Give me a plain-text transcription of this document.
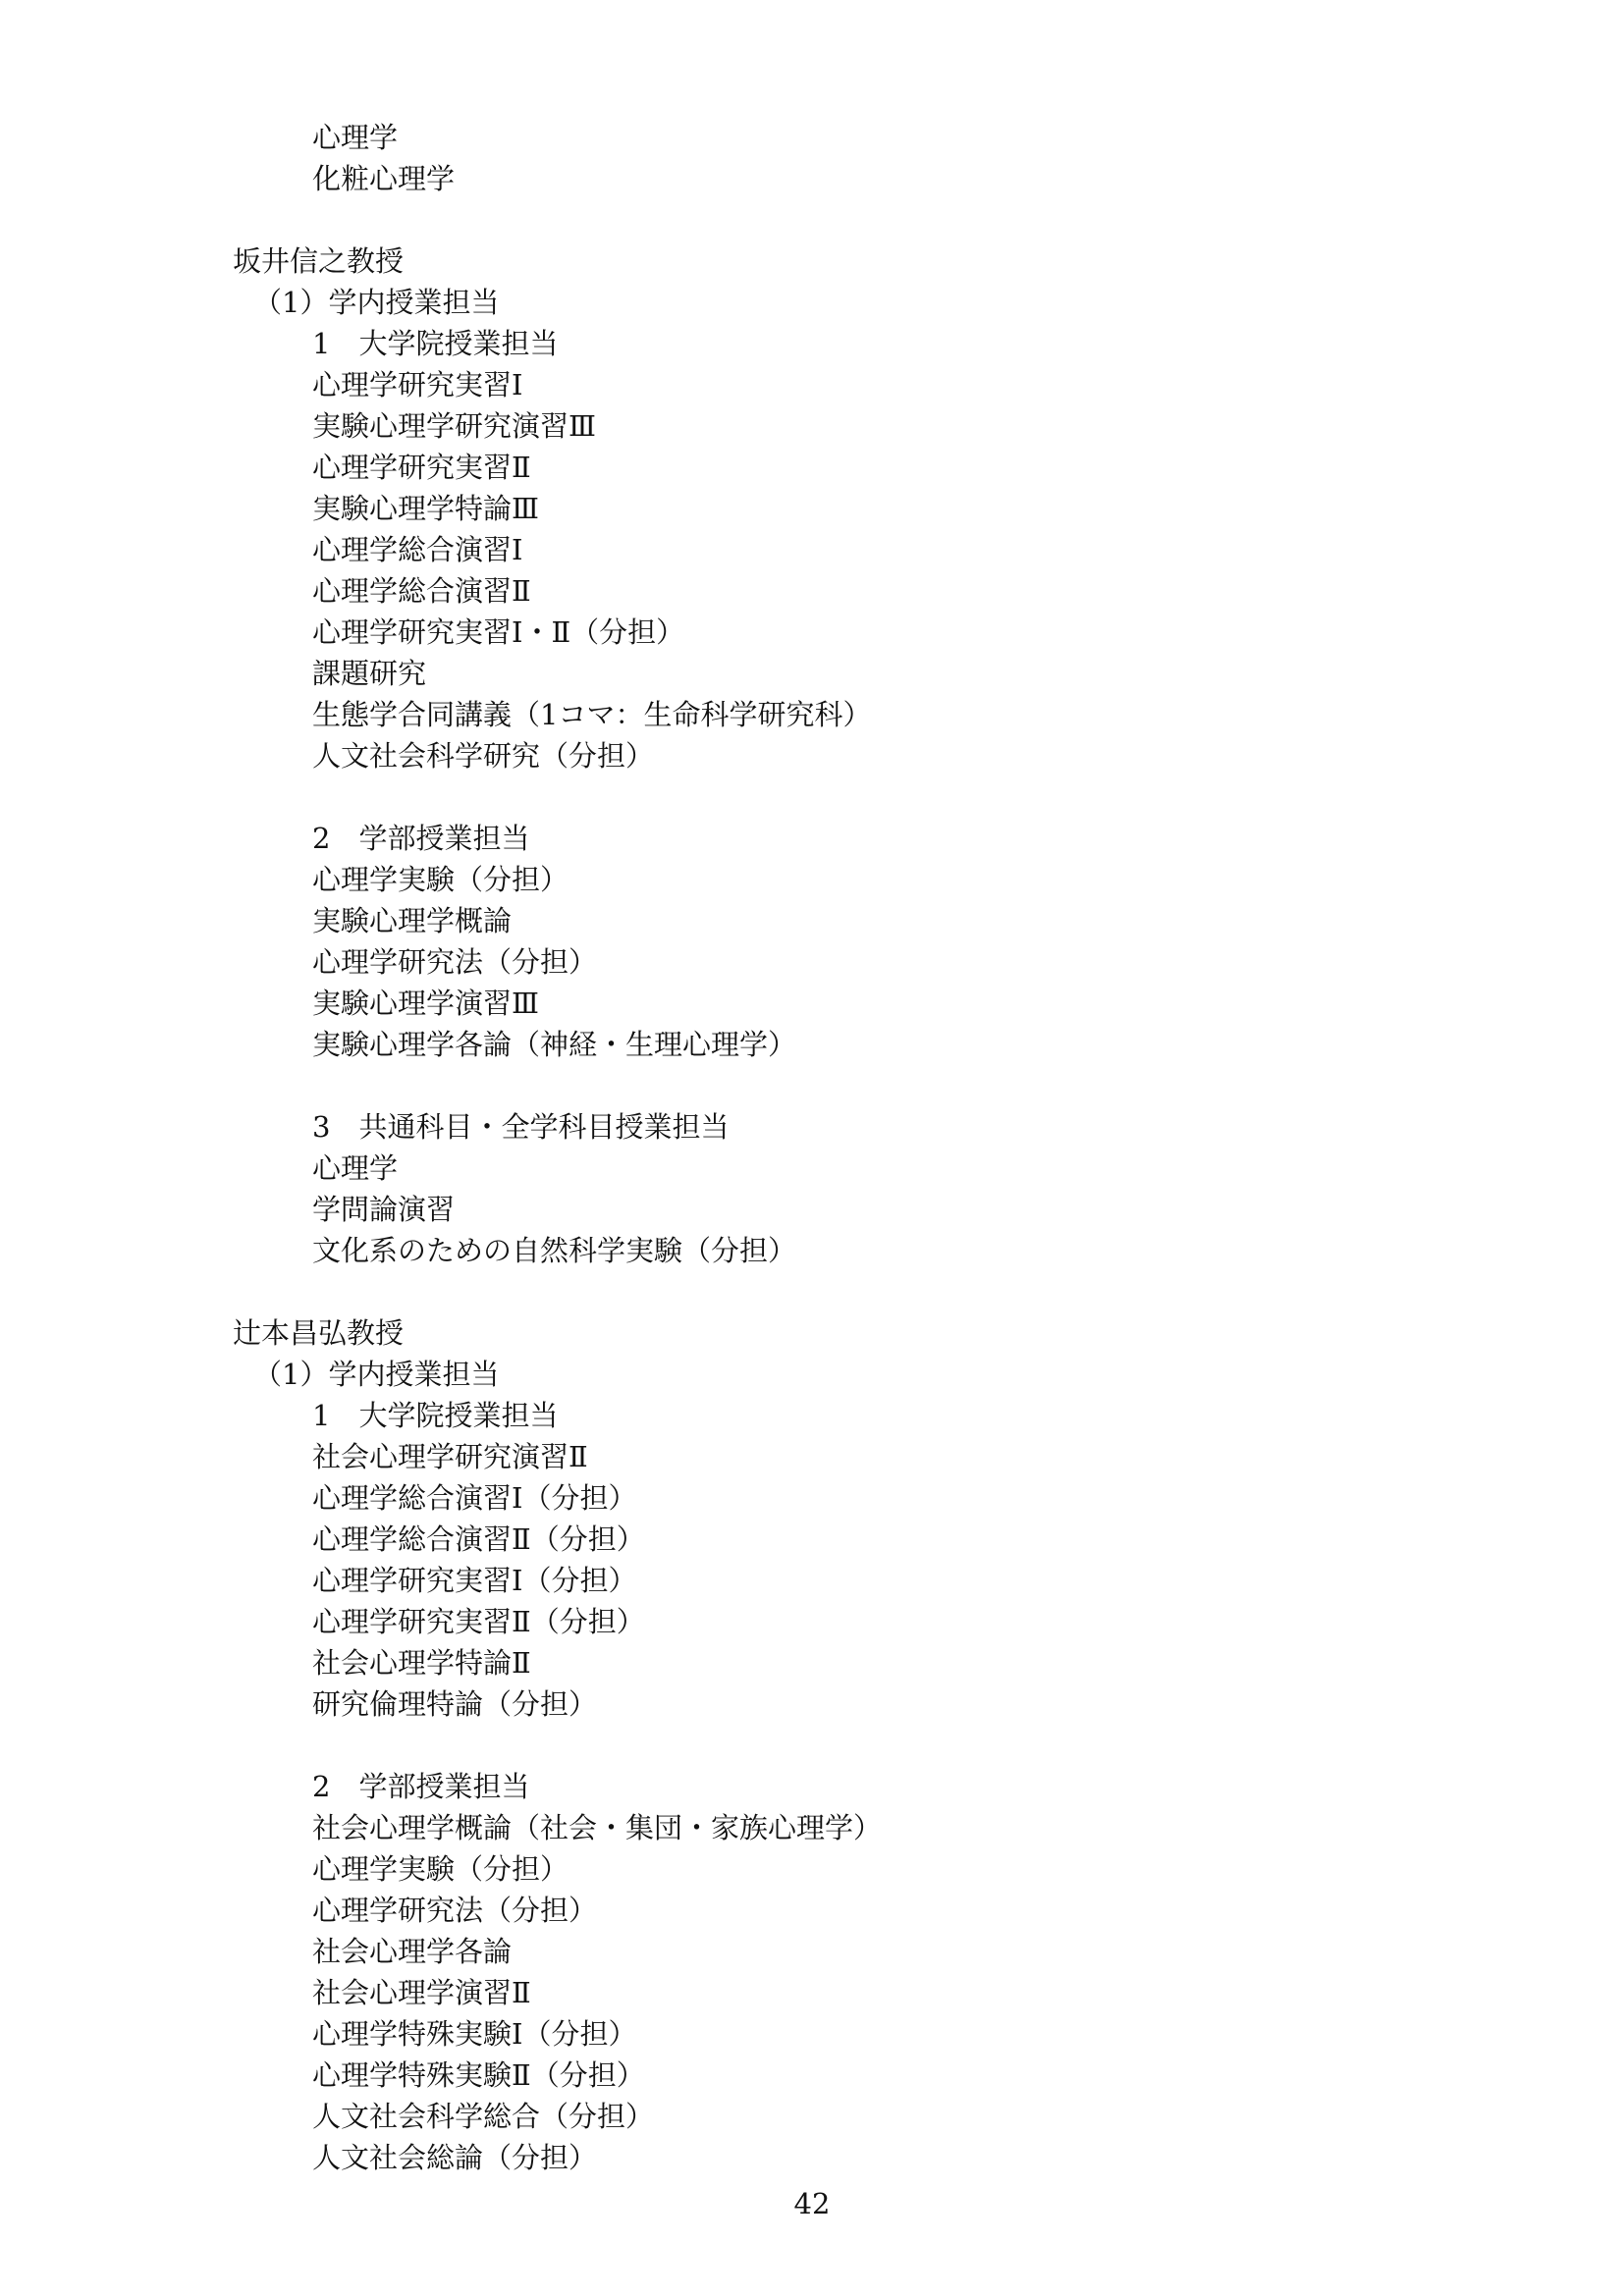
心理学
化粧心理学
坂井信之教授
（1）学内授業担当
1　大学院授業担当
心理学研究実習Ⅰ
実験心理学研究演習Ⅲ
心理学研究実習Ⅱ
実験心理学特論Ⅲ
心理学総合演習Ⅰ
心理学総合演習Ⅱ
心理学研究実習Ⅰ・Ⅱ（分担）
課題研究
生態学合同講義（1コマ：生命科学研究科）
人文社会科学研究（分担）
2　学部授業担当
心理学実験（分担）
実験心理学概論
心理学研究法（分担）
実験心理学演習Ⅲ
実験心理学各論（神経・生理心理学）
3　共通科目・全学科目授業担当
心理学
学問論演習
文化系のための自然科学実験（分担）
辻本昌弘教授
（1）学内授業担当
1　大学院授業担当
社会心理学研究演習Ⅱ
心理学総合演習Ⅰ（分担）
心理学総合演習Ⅱ（分担）
心理学研究実習Ⅰ（分担）
心理学研究実習Ⅱ（分担）
社会心理学特論Ⅱ
研究倫理特論（分担）
2　学部授業担当
社会心理学概論（社会・集団・家族心理学）
心理学実験（分担）
心理学研究法（分担）
社会心理学各論
社会心理学演習Ⅱ
心理学特殊実験Ⅰ（分担）
心理学特殊実験Ⅱ（分担）
人文社会科学総合（分担）
人文社会総論（分担）
42
